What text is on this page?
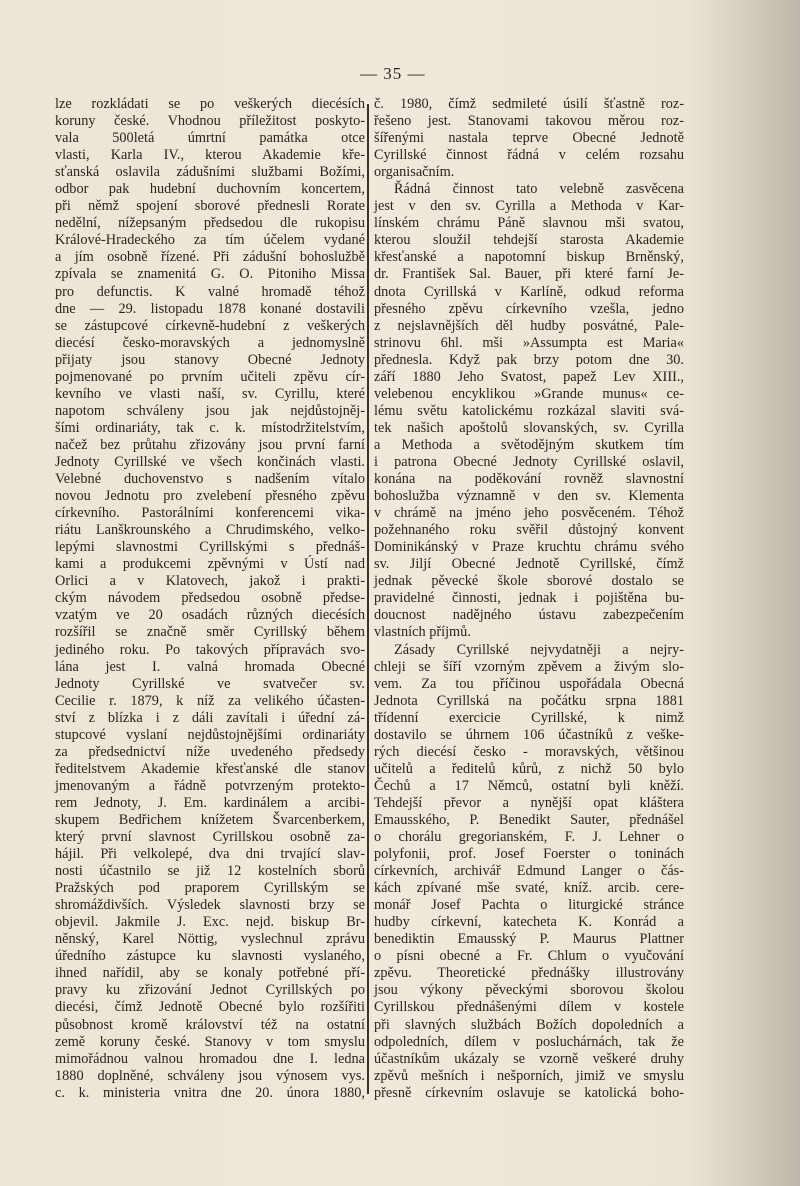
— 35 —
lze rozkládati se po veškerých diecésích
koruny české. Vhodnou příležitost poskyto-
vala 500letá úmrtní památka otce
vlasti, Karla IV., kterou Akademie kře-
sťanská oslavila zádušními službami Božími,
odbor pak hudební duchovním koncertem,
při němž spojení sborové přednesli Rorate
nedělní, nížepsaným předsedou dle rukopisu
Králové-Hradeckého za tím účelem vydané
a jím osobně řízené. Při zádušní bohoslužbě
zpívala se znamenitá G. O. Pitoniho Missa
pro defunctis. K valné hromadě téhož
dne — 29. listopadu 1878 konané dostavili
se zástupcové církevně-hudební z veškerých
diecésí česko-moravských a jednomyslně
přijaty jsou stanovy Obecné Jednoty
pojmenované po prvním učiteli zpěvu cír-
kevního ve vlasti naší, sv. Cyrillu, které
napotom schváleny jsou jak nejdůstojněj-
šími ordinariáty, tak c. k. místodržitelstvím,
načež bez průtahu zřizovány jsou první farní
Jednoty Cyrillské ve všech končinách vlasti.
Velebné duchovenstvo s nadšením vítalo
novou Jednotu pro zvelebení přesného zpěvu
církevního. Pastorálními konferencemi vika-
riátu Lanškrounského a Chrudimského, velko-
lepými slavnostmi Cyrillskými s přednáš-
kami a produkcemi zpěvnými v Ústí nad
Orlici a v Klatovech, jakož i prakti-
ckým návodem předsedou osobně předse-
vzatým ve 20 osadách různých diecésích
rozšířil se značně směr Cyrillský během
jediného roku. Po takových přípravách svo-
lána jest I. valná hromada Obecné
Jednoty Cyrillské ve svatvečer sv.
Cecilie r. 1879, k níž za velikého účasten-
ství z blízka i z dáli zavítali i úřední zá-
stupcové vyslaní nejdůstojnějšími ordinariáty
za předsednictví níže uvedeného předsedy
ředitelstvem Akademie křesťanské dle stanov
jmenovaným a řádně potvrzeným protekto-
rem Jednoty, J. Em. kardinálem a arcibi-
skupem Bedřichem knížetem Švarcenberkem,
který první slavnost Cyrillskou osobně za-
hájil. Při velkolepé, dva dni trvající slav-
nosti účastnilo se již 12 kostelních sborů
Pražských pod praporem Cyrillským se
shromáždivších. Výsledek slavnosti brzy se
objevil. Jakmile J. Exc. nejd. biskup Br-
něnský, Karel Nöttig, vyslechnul zprávu
úředního zástupce ku slavnosti vyslaného,
ihned nařídil, aby se konaly potřebné pří-
pravy ku zřizování Jednot Cyrillských po
diecési, čímž Jednotě Obecné bylo rozšířiti
působnost kromě království též na ostatní
země koruny české. Stanovy v tom smyslu
mimořádnou valnou hromadou dne I. ledna
1880 doplněné, schváleny jsou výnosem vys.
c. k. ministeria vnitra dne 20. února 1880,
č. 1980, čímž sedmileté úsilí šťastně roz-
řešeno jest. Stanovami takovou měrou roz-
šířenými nastala teprve Obecné Jednotě
Cyrillské činnost řádná v celém rozsahu
organisačním.
Řádná činnost tato velebně zasvěcena
jest v den sv. Cyrilla a Methoda v Kar-
línském chrámu Páně slavnou mši svatou,
kterou sloužil tehdejší starosta Akademie
křesťanské a napotomní biskup Brněnský,
dr. František Sal. Bauer, při které farní Je-
dnota Cyrillská v Karlíně, odkud reforma
přesného zpěvu církevního vzešla, jedno
z nejslavnějších děl hudby posvátné, Pale-
strinovu 6hl. mši »Assumpta est Maria«
přednesla. Když pak brzy potom dne 30.
září 1880 Jeho Svatost, papež Lev XIII.,
velebenou encyklikou »Grande munus« ce-
lému světu katolickému rozkázal slaviti svá-
tek našich apoštolů slovanských, sv. Cyrilla
a Methoda a světodějným skutkem tím
i patrona Obecné Jednoty Cyrillské oslavil,
konána na poděkování rovněž slavnostní
bohoslužba významně v den sv. Klementa
v chrámě na jméno jeho posvěceném. Téhož
požehnaného roku svěřil důstojný konvent
Dominikánský v Praze kruchtu chrámu svého
sv. Jiljí Obecné Jednotě Cyrillské, čímž
jednak pěvecké škole sborové dostalo se
pravidelné činnosti, jednak i pojištěna bu-
doucnost nadějného ústavu zabezpečením
vlastních příjmů.
Zásady Cyrillské nejvydatněji a nejry-
chleji se šíří vzorným zpěvem a živým slo-
vem. Za tou příčinou uspořádala Obecná
Jednota Cyrillská na počátku srpna 1881
třídenní exercicie Cyrillské, k nimž
dostavilo se úhrnem 106 účastníků z veške-
rých diecésí česko - moravských, většinou
učitelů a ředitelů kůrů, z nichž 50 bylo
Čechů a 17 Němců, ostatní byli kněží.
Tehdejší převor a nynější opat kláštera
Emausského, P. Benedikt Sauter, přednášel
o chorálu gregorianském, F. J. Lehner o
polyfonii, prof. Josef Foerster o toninách
církevních, archivář Edmund Langer o čás-
kách zpívané mše svaté, kníž. arcib. cere-
monář Josef Pachta o liturgické stránce
hudby církevní, katecheta K. Konrád a
benediktin Emausský P. Maurus Plattner
o písni obecné a Fr. Chlum o vyučování
zpěvu. Theoretické přednášky illustrovány
jsou výkony pěveckými sborovou školou
Cyrillskou přednášenými dílem v kostele
při slavných službách Božích dopoledních a
odpoledních, dílem v posluchárnách, tak že
účastníkům ukázaly se vzorně veškeré druhy
zpěvů mešních i nešporních, jimiž ve smyslu
přesně církevním oslavuje se katolická boho-
